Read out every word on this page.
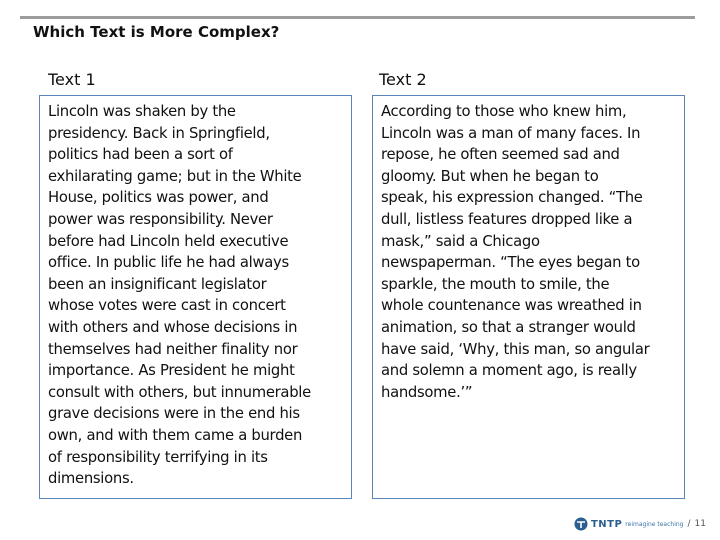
Which Text is More Complex?
Text 1	Text 2
Lincoln was shaken by the
presidency. Back in Springfield,
politics had been a sort of
exhilarating game; but in the White
House, politics was power, and
power was responsibility. Never
before had Lincoln held executive
office. In public life he had always
been an insignificant legislator
whose votes were cast in concert
with others and whose decisions in
themselves had neither finality nor
importance. As President he might
consult with others, but innumerable
grave decisions were in the end his
own, and with them came a burden
of responsibility terrifying in its
dimensions.
According to those who knew him,
Lincoln was a man of many faces. In
repose, he often seemed sad and
gloomy. But when he began to
speak, his expression changed. “The
dull, listless features dropped like a
mask,” said a Chicago
newspaperman. “The eyes began to
sparkle, the mouth to smile, the
whole countenance was wreathed in
animation, so that a stranger would
have said, ‘Why, this man, so angular
and solemn a moment ago, is really
handsome.’”
TNTP reimagine teaching / 11
